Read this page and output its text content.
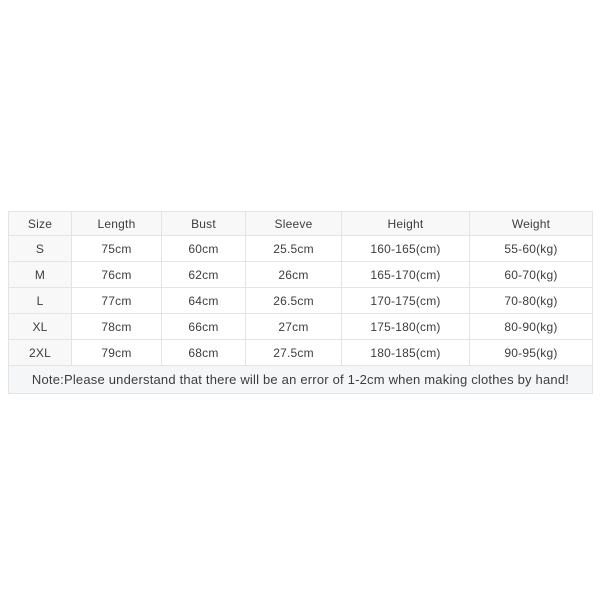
Size	Length	Bust	Sleeve	Height	Weight
S	75cm	60cm	25.5cm	160-165(cm)	55-60(kg)
M	76cm	62cm	26cm	165-170(cm)	60-70(kg)
L	77cm	64cm	26.5cm	170-175(cm)	70-80(kg)
XL	78cm	66cm	27cm	175-180(cm)	80-90(kg)
2XL	79cm	68cm	27.5cm	180-185(cm)	90-95(kg)
Note:Please understand that there will be an error of 1-2cm when making clothes by hand!					
